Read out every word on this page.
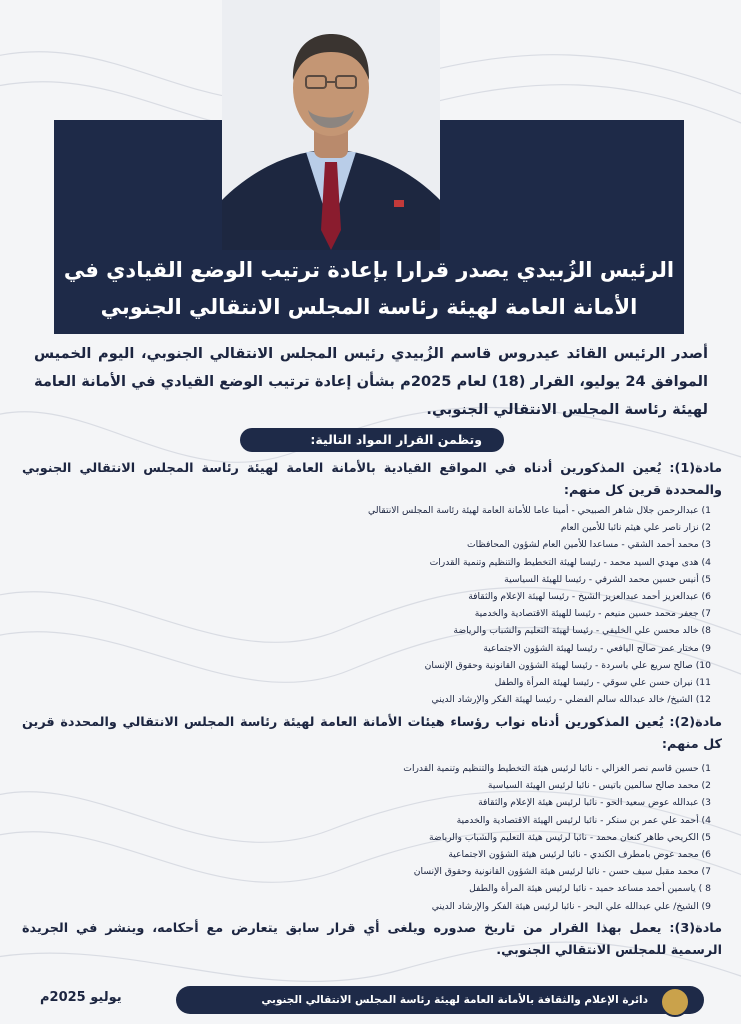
الرئيس الزُبيدي يصدر قرارا بإعادة ترتيب الوضع القيادي في
الأمانة العامة لهيئة رئاسة المجلس الانتقالي الجنوبي
أصدر الرئيس القائد عيدروس قاسم الزُبيدي رئيس المجلس الانتقالي الجنوبي، اليوم الخميس الموافق 24 يوليو، القرار (18) لعام 2025م بشأن إعادة ترتيب الوضع القيادي في الأمانة العامة لهيئة رئاسة المجلس الانتقالي الجنوبي.
وتظمن القرار المواد التالية:
مادة(1): يُعين المذكورين أدناه في المواقع القيادية بالأمانة العامة لهيئة رئاسة المجلس الانتقالي الجنوبي والمحددة قرين كل منهم:
1) عبدالرحمن جلال شاهر الصبيحي - أمينا عاما للأمانة العامة لهيئة رئاسة المجلس الانتقالي
2) نزار ناصر علي هيثم نائبا للأمين العام
3) محمد أحمد الشقي - مساعدا للأمين العام لشؤون المحافظات
4) هدى مهدي السيد محمد - رئيسا لهيئة التخطيط والتنظيم وتنمية القدرات
5) أنيس حسين محمد الشرفي - رئيسا للهيئة السياسية
6) عبدالعزيز أحمد عبدالعزيز الشيخ - رئيسا لهيئة الإعلام والثقافة
7) جعفر محمد حسين منيعم - رئيسا للهيئة الاقتصادية والخدمية
8) خالد محسن علي الخليفي - رئيسا لهيئة التعليم والشباب والرياضة
9) مختار عمر صالح اليافعي - رئيسا لهيئة الشؤون الاجتماعية
10) صالح سريع علي باسردة - رئيسا لهيئة الشؤون القانونية وحقوق الإنسان
11) نيران حسن علي سوقي - رئيسا لهيئة المرأة والطفل
12) الشيخ/ خالد عبدالله سالم الفضلي - رئيسا لهيئة الفكر والإرشاد الديني
مادة(2): يُعين المذكورين أدناه نواب رؤساء هيئات الأمانة العامة لهيئة رئاسة المجلس الانتقالي والمحددة قرين كل منهم:
1) حسين قاسم نصر الغزالي - نائبا لرئيس هيئة التخطيط والتنظيم وتنمية القدرات
2) محمد صالح سالمين باتيس - نائبا لرئيس الهيئة السياسية
3) عبدالله عوض سعيد الحو - نائبا لرئيس هيئة الإعلام والثقافة
4) أحمد علي عمر بن سنكر - نائبا لرئيس الهيئة الاقتصادية والخدمية
5) الكريحي طاهر كنعان محمد - نائبا لرئيس هيئة التعليم والشباب والرياضة
6) محمد عوض بامطرف الكندي - نائبا لرئيس هيئة الشؤون الاجتماعية
7) محمد مقبل سيف حسن - نائبا لرئيس هيئة الشؤون القانونية وحقوق الإنسان
8 ) ياسمين أحمد مساعد حميد - نائبا لرئيس هيئة المرأة والطفل
9) الشيخ/ علي عبدالله علي البحر - نائبا لرئيس هيئة الفكر والإرشاد الديني
مادة(3): يعمل بهذا القرار من تاريخ صدوره ويلغى أي قرار سابق يتعارض مع أحكامه، وينشر في الجريدة الرسمية للمجلس الانتقالي الجنوبي.
دائرة الإعلام والثقافة بالأمانة العامة لهيئة رئاسة المجلس الانتقالي الجنوبي
يوليو 2025م
